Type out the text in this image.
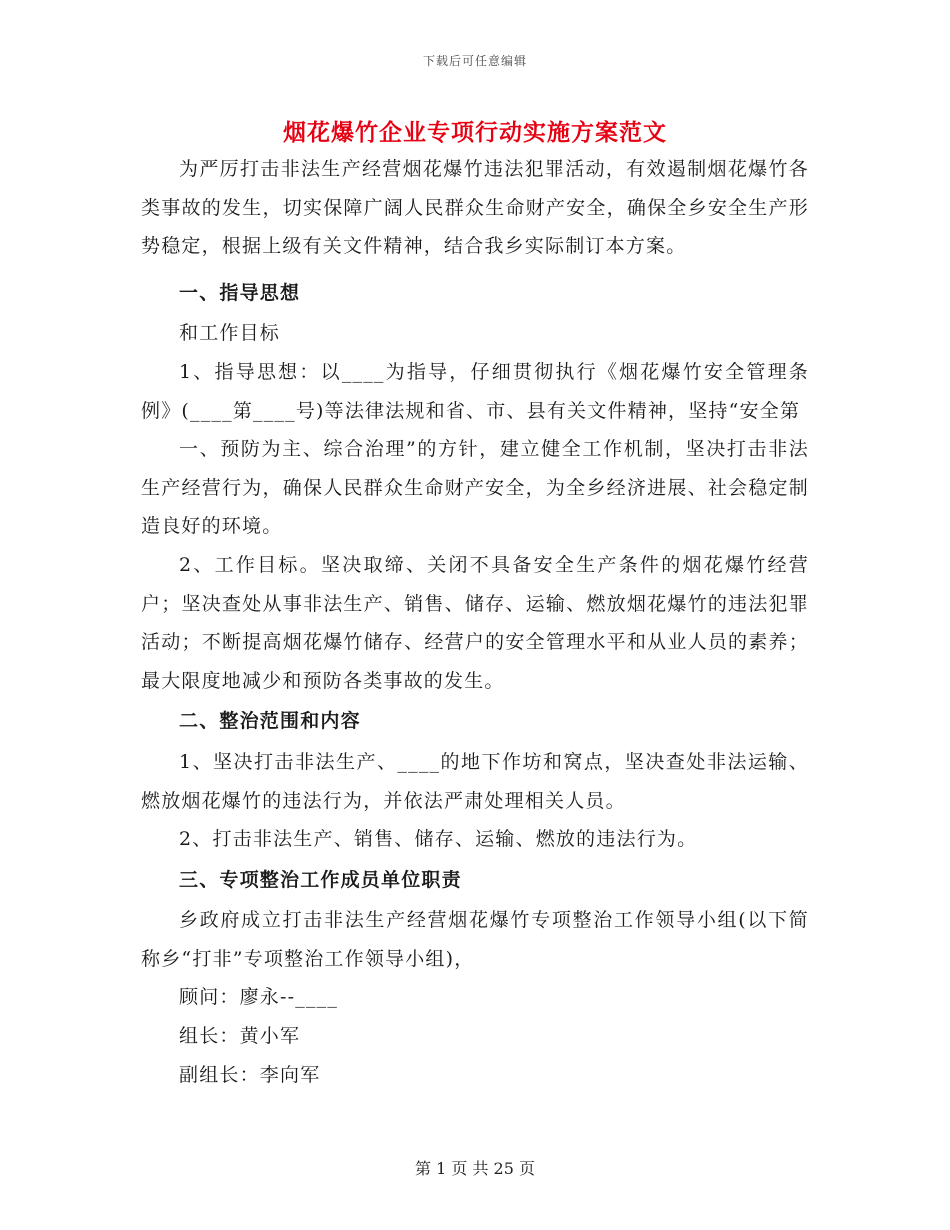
下载后可任意编辑
烟花爆竹企业专项行动实施方案范文

为严厉打击非法生产经营烟花爆竹违法犯罪活动，有效遏制烟花爆竹各类事故的发生，切实保障广阔人民群众生命财产安全，确保全乡安全生产形势稳定，根据上级有关文件精神，结合我乡实际制订本方案。

一、指导思想

和工作目标

1、指导思想：以____为指导，仔细贯彻执行《烟花爆竹安全管理条例》(____第____号)等法律法规和省、市、县有关文件精神，坚持“安全第

一、预防为主、综合治理”的方针，建立健全工作机制，坚决打击非法生产经营行为，确保人民群众生命财产安全，为全乡经济进展、社会稳定制造良好的环境。

2、工作目标。坚决取缔、关闭不具备安全生产条件的烟花爆竹经营户；坚决查处从事非法生产、销售、储存、运输、燃放烟花爆竹的违法犯罪活动；不断提高烟花爆竹储存、经营户的安全管理水平和从业人员的素养；最大限度地减少和预防各类事故的发生。

二、整治范围和内容

1、坚决打击非法生产、____的地下作坊和窝点，坚决查处非法运输、燃放烟花爆竹的违法行为，并依法严肃处理相关人员。

2、打击非法生产、销售、储存、运输、燃放的违法行为。

三、专项整治工作成员单位职责

乡政府成立打击非法生产经营烟花爆竹专项整治工作领导小组(以下简称乡“打非”专项整治工作领导小组)，

顾问：廖永--____

组长：黄小军

副组长：李向军

第 1 页 共 25 页
